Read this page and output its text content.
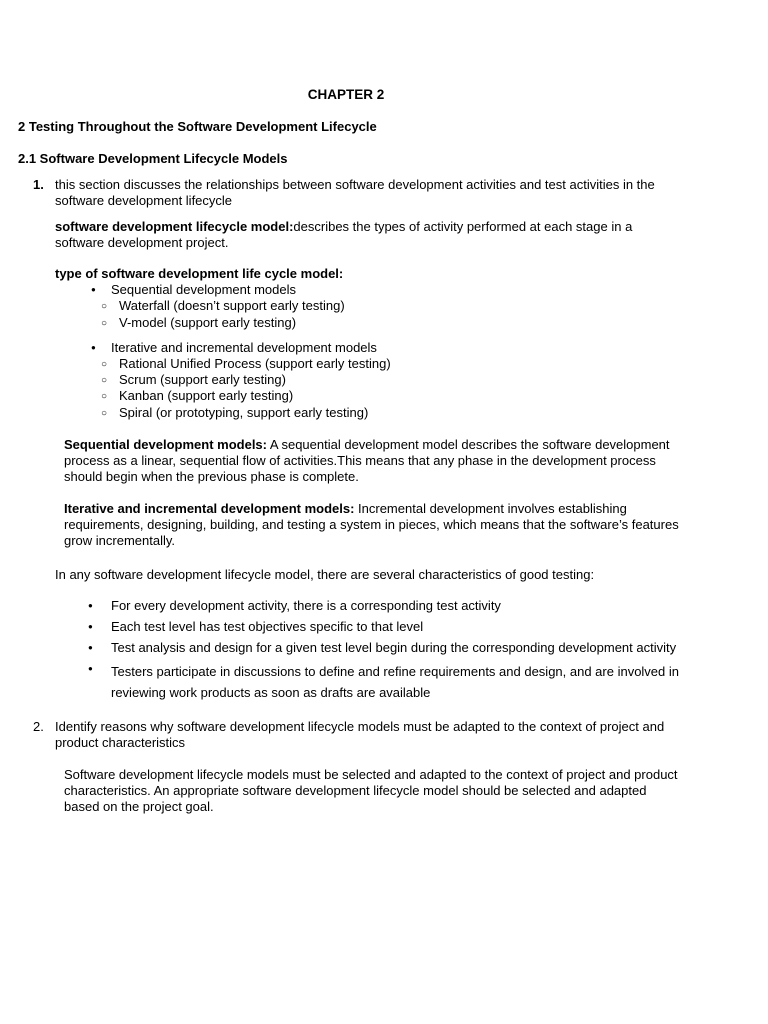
CHAPTER 2
2 Testing Throughout the Software Development Lifecycle
2.1 Software Development Lifecycle Models
1. this section discusses the relationships between software development activities and test activities in the software development lifecycle
software development lifecycle model:describes the types of activity performed at each stage in a software development project.
type of software development life cycle model:
●
Sequential development models
○
Waterfall (doesn’t support early testing)
○
V-model (support early testing)
●
Iterative and incremental development models
○
Rational Unified Process (support early testing)
○
Scrum (support early testing)
○
Kanban (support early testing)
○
Spiral (or prototyping, support early testing)
Sequential development models: A sequential development model describes the software development process as a linear, sequential flow of activities.This means that any phase in the development process should begin when the previous phase is complete.
Iterative and incremental development models: Incremental development involves establishing requirements, designing, building, and testing a system in pieces, which means that the software’s features grow incrementally.
In any software development lifecycle model, there are several characteristics of good testing:
●
For every development activity, there is a corresponding test activity
●
Each test level has test objectives specific to that level
●
Test analysis and design for a given test level begin during the corresponding development activity
●
Testers participate in discussions to define and refine requirements and design, and are involved in reviewing work products as soon as drafts are available
2. Identify reasons why software development lifecycle models must be adapted to the context of project and product characteristics
Software development lifecycle models must be selected and adapted to the context of project and product characteristics. An appropriate software development lifecycle model should be selected and adapted based on the project goal.
